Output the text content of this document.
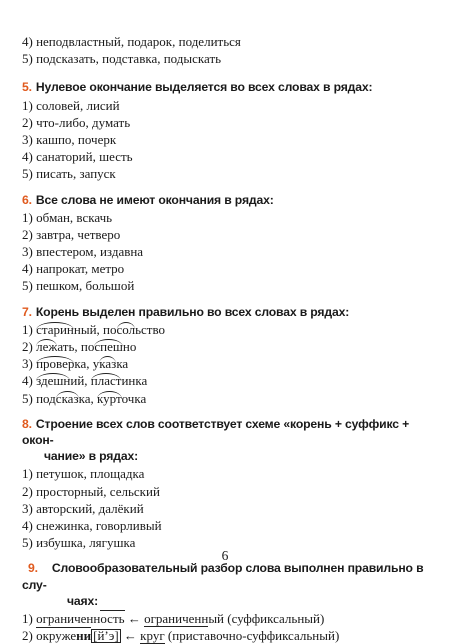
4) неподвластный, подарок, поделиться
5) подсказать, подставка, подыскать
5. Нулевое окончание выделяется во всех словах в рядах:
1) соловей, лисий
2) что-либо, думать
3) кашпо, почерк
4) санаторий, шесть
5) писать, запуск
6. Все слова не имеют окончания в рядах:
1) обман, вскачь
2) завтра, четверо
3) впестером, издавна
4) напрокат, метро
5) пешком, большой
7. Корень выделен правильно во всех словах в рядах:
1) старинный, посольство
2) лежать, поспешно
3) проверка, указка
4) здешний, пластинка
5) подсказка, курточка
8. Строение всех слов соответствует схеме «корень + суффикс + окон-
чание» в рядах:
1) петушок, площадка
2) просторный, сельский
3) авторский, далёкий
4) снежинка, говорливый
5) избушка, лягушка
9. Словообразовательный разбор слова выполнен правильно в слу-
чаях:
1) ограниченность ← ограниченный (суффиксальный)
2) окружени [й’э] ← круг (приставочно-суффиксальный)
6
